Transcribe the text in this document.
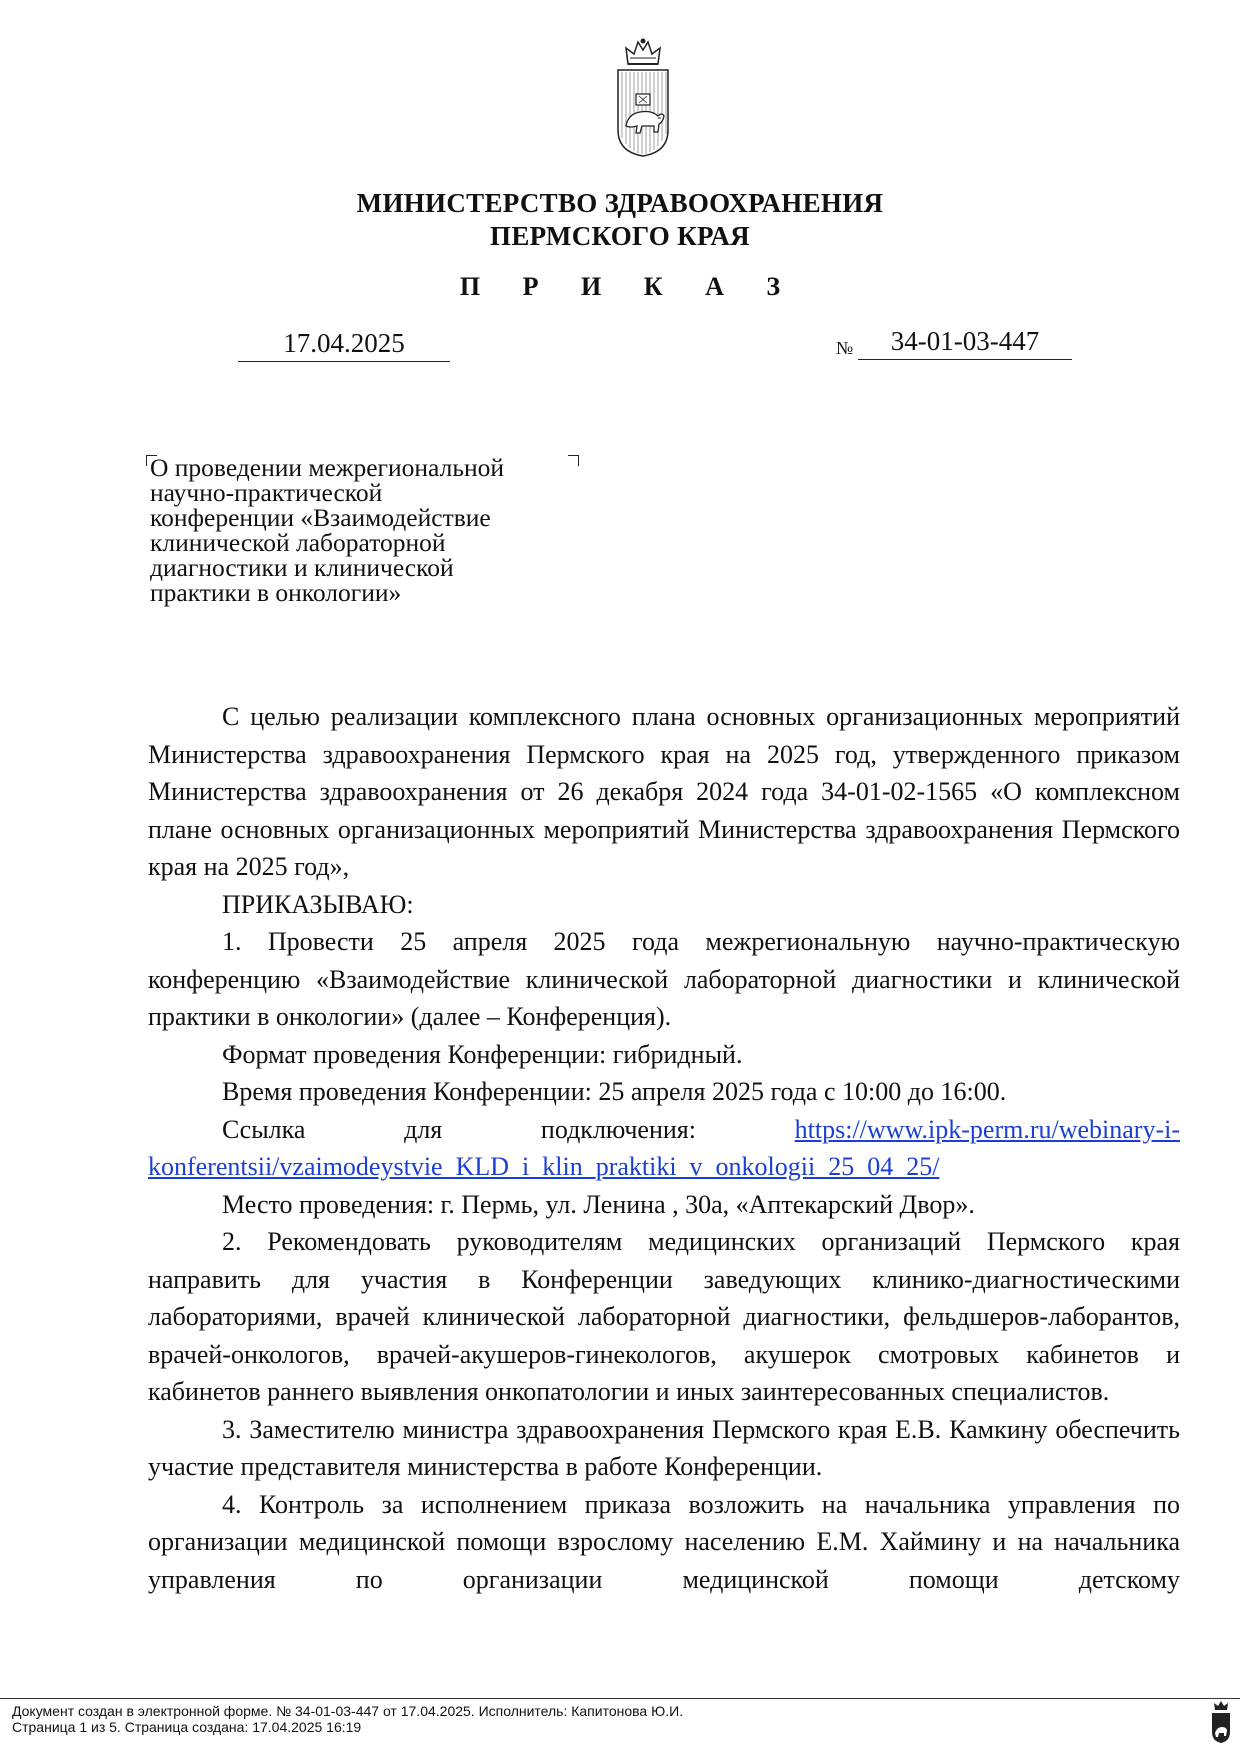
МИНИСТЕРСТВО ЗДРАВООХРАНЕНИЯ
ПЕРМСКОГО КРАЯ
П Р И К А З
17.04.2025	№	34-01-03-447
О проведении межрегиональной
научно-практической
конференции «Взаимодействие
клинической лабораторной
диагностики и клинической
практики в онкологии»

С целью реализации комплексного плана основных организационных мероприятий Министерства здравоохранения Пермского края на 2025 год, утвержденного приказом Министерства здравоохранения от 26 декабря 2024 года 34-01-02-1565 «О комплексном плане основных организационных мероприятий Министерства здравоохранения Пермского края на 2025 год»,

ПРИКАЗЫВАЮ:

1. Провести 25 апреля 2025 года межрегиональную научно-практическую конференцию «Взаимодействие клинической лабораторной диагностики и клинической практики в онкологии» (далее – Конференция).

Формат проведения Конференции: гибридный.

Время проведения Конференции: 25 апреля 2025 года с 10:00 до 16:00.

Ссылка для подключения:	https://www.ipk-perm.ru/webinary-i-konferentsii/vzaimodeystvie_KLD_i_klin_praktiki_v_onkologii_25_04_25/

Место проведения: г. Пермь, ул. Ленина , 30а, «Аптекарский Двор».

2. Рекомендовать руководителям медицинских организаций Пермского края направить для участия в Конференции заведующих клинико-диагностическими лабораториями, врачей клинической лабораторной диагностики, фельдшеров-лаборантов, врачей-онкологов, врачей-акушеров-гинекологов, акушерок смотровых кабинетов и кабинетов раннего выявления онкопатологии и иных заинтересованных специалистов.

3. Заместителю министра здравоохранения Пермского края Е.В. Камкину обеспечить участие представителя министерства в работе Конференции.

4. Контроль за исполнением приказа возложить на начальника управления по организации медицинской помощи взрослому населению Е.М. Хаймину и на начальника управления по организации медицинской помощи детскому

Документ создан в электронной форме. № 34-01-03-447 от 17.04.2025. Исполнитель: Капитонова Ю.И.
Страница 1 из 5. Страница создана: 17.04.2025 16:19
